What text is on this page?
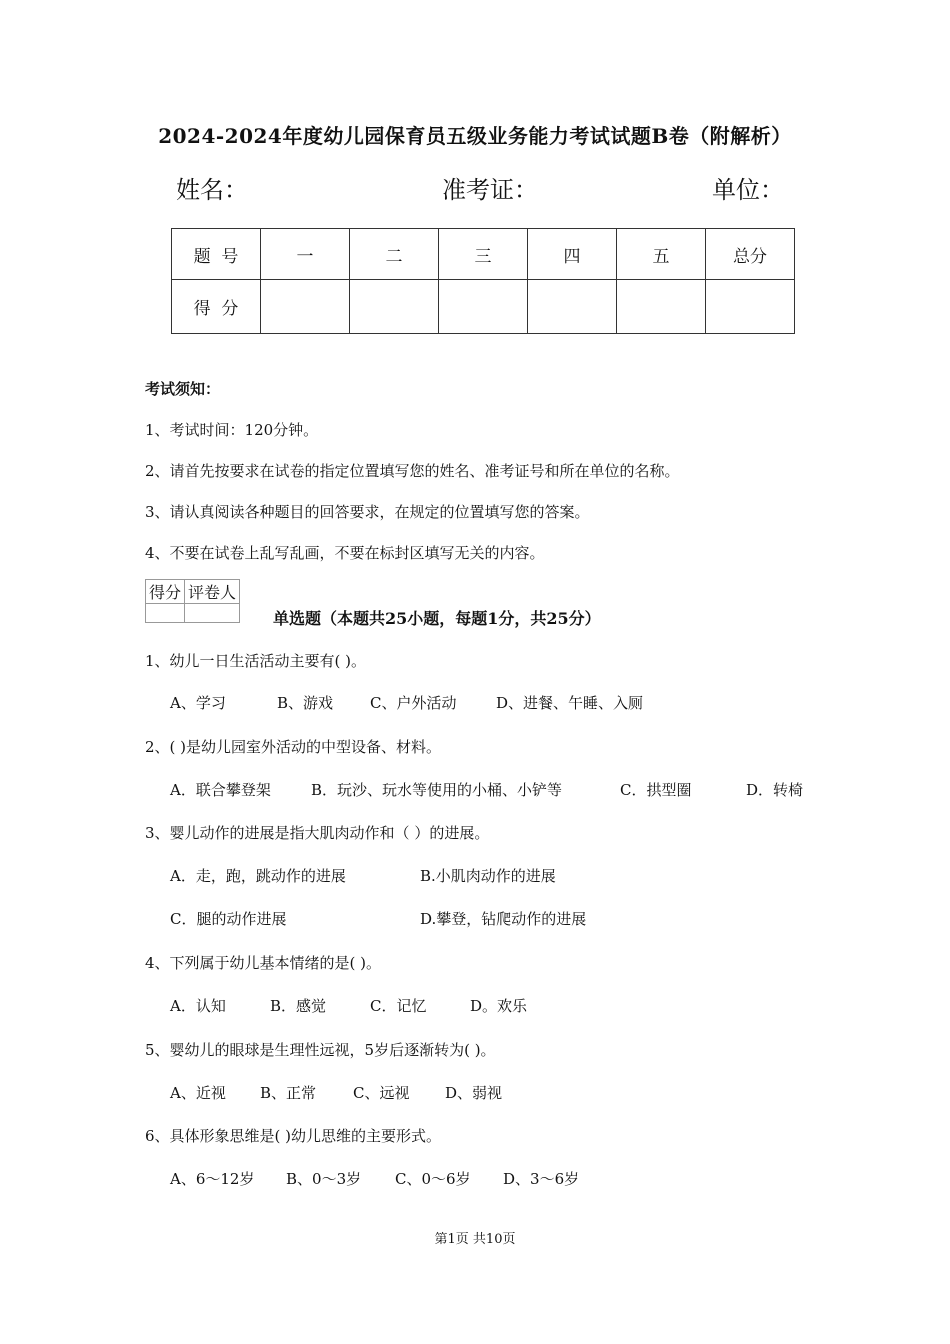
2024-2024年度幼儿园保育员五级业务能力考试试题B卷（附解析）
姓名：	准考证：	单位：
题  号	一	二	三	四	五	总分
得  分						
考试须知：
1、考试时间：120分钟。
2、请首先按要求在试卷的指定位置填写您的姓名、准考证号和所在单位的名称。
3、请认真阅读各种题目的回答要求，在规定的位置填写您的答案。
4、不要在试卷上乱写乱画，不要在标封区填写无关的内容。
得分	评卷人

单选题（本题共25小题，每题1分，共25分）
1、幼儿一日生活活动主要有( )。
A、学习	B、游戏 C、户外活动	D、进餐、午睡、入厕
2、( )是幼儿园室外活动的中型设备、材料。
A．联合攀登架	B．玩沙、玩水等使用的小桶、小铲等	C．拱型圈	D．转椅
3、婴儿动作的进展是指大肌肉动作和（ ）的进展。
A．走，跑，跳动作的进展	B.小肌肉动作的进展
C．腿的动作进展	D.攀登，钻爬动作的进展
4、下列属于幼儿基本情绪的是( )。
A．认知	B．感觉	C．记忆	D。欢乐
5、婴幼儿的眼球是生理性远视，5岁后逐渐转为( )。
A、近视 B、正常 C、远视 D、弱视
6、具体形象思维是( )幼儿思维的主要形式。
A、6～12岁 B、0～3岁 C、0～6岁 D、3～6岁
第1页 共10页
